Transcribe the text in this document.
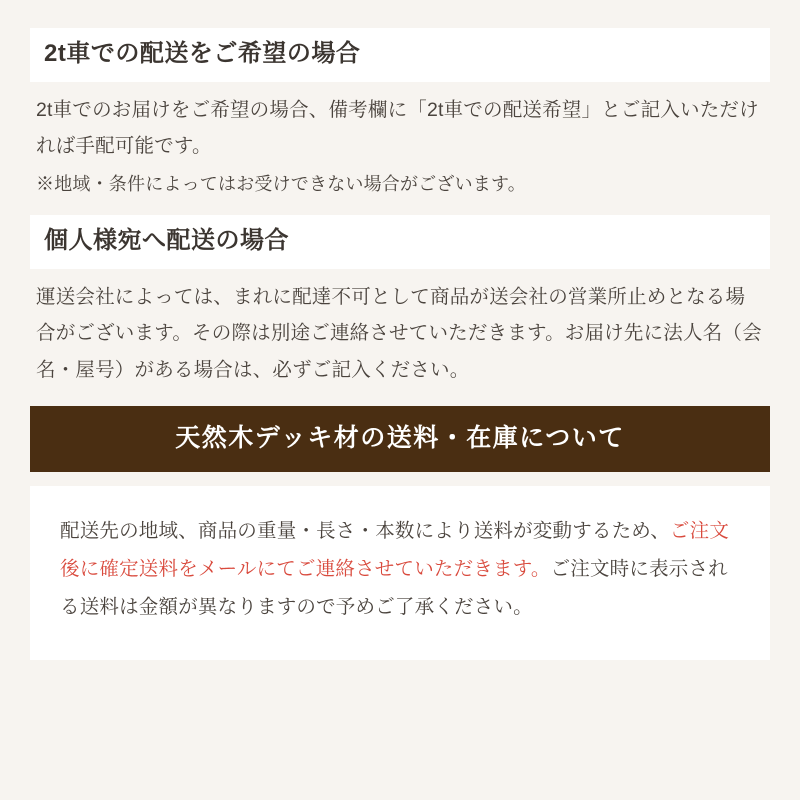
2t車での配送をご希望の場合

2t車でのお届けをご希望の場合、備考欄に「2t車での配送希望」とご記入いただければ手配可能です。

※地域・条件によってはお受けできない場合がございます。

個人様宛へ配送の場合

運送会社によっては、まれに配達不可として商品が送会社の営業所止めとなる場合がございます。その際は別途ご連絡させていただきます。お届け先に法人名（会名・屋号）がある場合は、必ずご記入ください。

天然木デッキ材の送料・在庫について

配送先の地域、商品の重量・長さ・本数により送料が変動するため、ご注文後に確定送料をメールにてご連絡させていただきます。ご注文時に表示される送料は金額が異なりますので予めご了承ください。
